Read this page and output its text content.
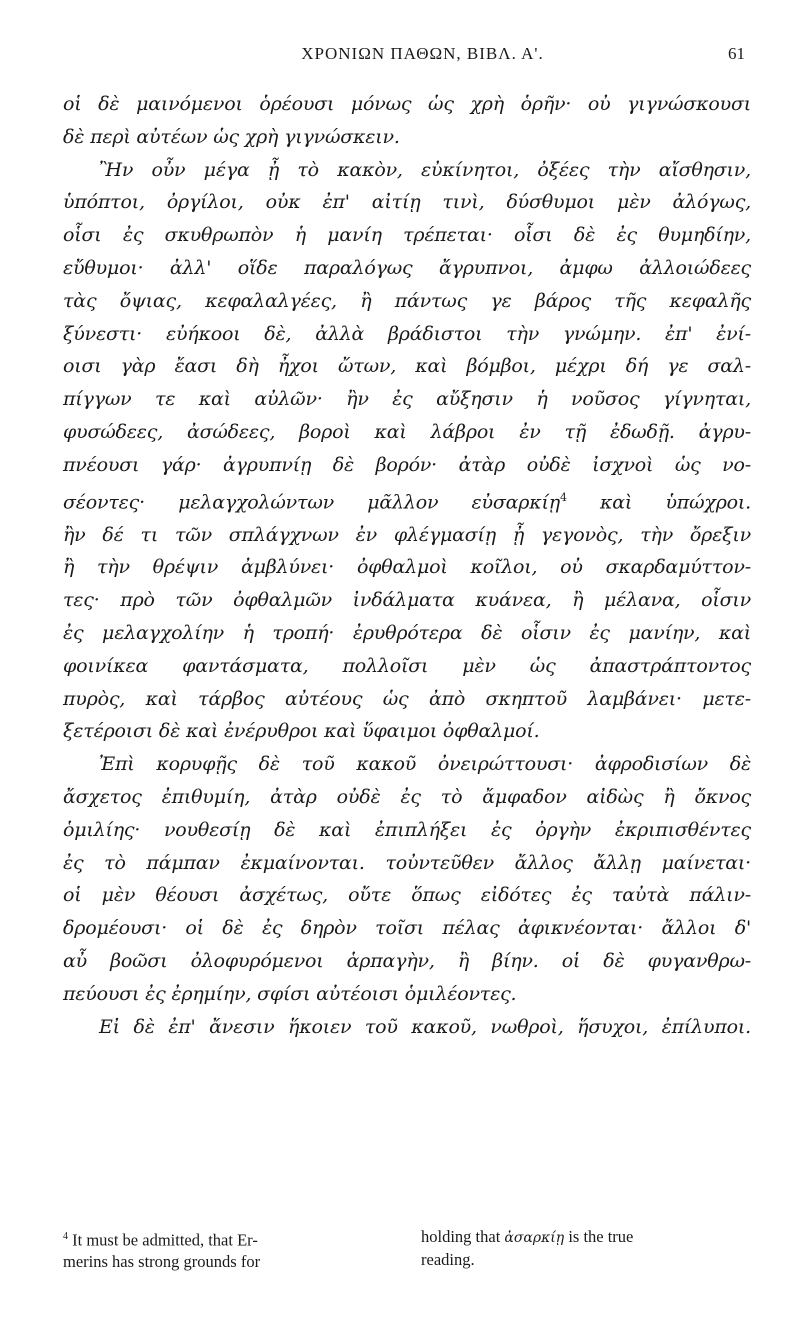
ΧΡΟΝΙΩΝ ΠΑΘΩΝ, ΒΙΒΛ. Α'.	61
οἱ δὲ μαινόμενοι ὁρέουσι μόνως ὡς χρὴ ὁρῆν· οὐ γιγνώσκουσι
δὲ περὶ αὐτέων ὡς χρὴ γιγνώσκειν.
Ἢν οὖν μέγα ᾖ τὸ κακὸν, εὐκίνητοι, ὀξέες τὴν αἴσθησιν,
ὑπόπτοι, ὀργίλοι, οὐκ ἐπ' αἰτίῃ τινὶ, δύσθυμοι μὲν ἀλόγως,
οἷσι ἐς σκυθρωπὸν ἡ μανίη τρέπεται· οἷσι δὲ ἐς θυμηδίην,
εὔθυμοι· ἀλλ' οἵδε παραλόγως ἄγρυπνοι, ἀμφω ἀλλοιώδεες
τὰς ὄψιας, κεφαλαλγέες, ἢ πάντως γε βάρος τῆς κεφαλῆς
ξύνεστι· εὐήκοοι δὲ, ἀλλὰ βράδιστοι τὴν γνώμην. ἐπ' ἐνί-
οισι γὰρ ἔασι δὴ ἦχοι ὤτων, καὶ βόμβοι, μέχρι δή γε σαλ-
πίγγων τε καὶ αὐλῶν· ἢν ἐς αὔξησιν ἡ νοῦσος γίγνηται,
φυσώδεες, ἀσώδεες, βοροὶ καὶ λάβροι ἐν τῇ ἐδωδῇ. ἀγρυ-
πνέουσι γάρ· ἀγρυπνίῃ δὲ βορόν· ἀτὰρ οὐδὲ ἰσχνοὶ ὡς νο-
σέοντες· μελαγχολώντων μᾶλλον εὐσαρκίῃ$^4$ καὶ ὑπώχροι.
ἢν δέ τι τῶν σπλάγχνων ἐν φλέγμασίῃ ᾖ γεγονὸς, τὴν ὄρεξιν
ἢ τὴν θρέψιν ἀμβλύνει· ὀφθαλμοὶ κοῖλοι, οὐ σκαρδαμύττον-
τες· πρὸ τῶν ὀφθαλμῶν ἰνδάλματα κυάνεα, ἢ μέλανα, οἷσιν
ἐς μελαγχολίην ἡ τροπή· ἐρυθρότερα δὲ οἷσιν ἐς μανίην, καὶ
φοινίκεα φαντάσματα, πολλοῖσι μὲν ὡς ἀπαστράπτοντος
πυρὸς, καὶ τάρβος αὐτέους ὡς ἀπὸ σκηπτοῦ λαμβάνει· μετε-
ξετέροισι δὲ καὶ ἐνέρυθροι καὶ ὕφαιμοι ὀφθαλμοί.
Ἐπὶ κορυφῇς δὲ τοῦ κακοῦ ὀνειρώττουσι· ἀφροδισίων δὲ
ἄσχετος ἐπιθυμίη, ἀτὰρ οὐδὲ ἐς τὸ ἄμφαδον αἰδὼς ἢ ὄκνος
ὁμιλίης· νουθεσίῃ δὲ καὶ ἐπιπλήξει ἐς ὀργὴν ἐκριπισθέντες
ἐς τὸ πάμπαν ἐκμαίνονται. τοὐντεῦθεν ἄλλος ἄλλῃ μαίνεται·
οἱ μὲν θέουσι ἀσχέτως, οὔτε ὅπως εἰδότες ἐς ταὐτὰ πάλιν-
δρομέουσι· οἱ δὲ ἐς δηρὸν τοῖσι πέλας ἀφικνέονται· ἄλλοι δ'
αὖ βοῶσι ὀλοφυρόμενοι ἁρπαγὴν, ἢ βίην. οἱ δὲ φυγανθρω-
πεύουσι ἐς ἐρημίην, σφίσι αὐτέοισι ὁμιλέοντες.
Εἰ δὲ ἐπ' ἄνεσιν ἥκοιεν τοῦ κακοῦ, νωθροὶ, ἥσυχοι, ἐπίλυποι.
$^4$ It must be admitted, that Er-
merins has strong grounds for
holding that ἀσαρκίῃ is the true
reading.
